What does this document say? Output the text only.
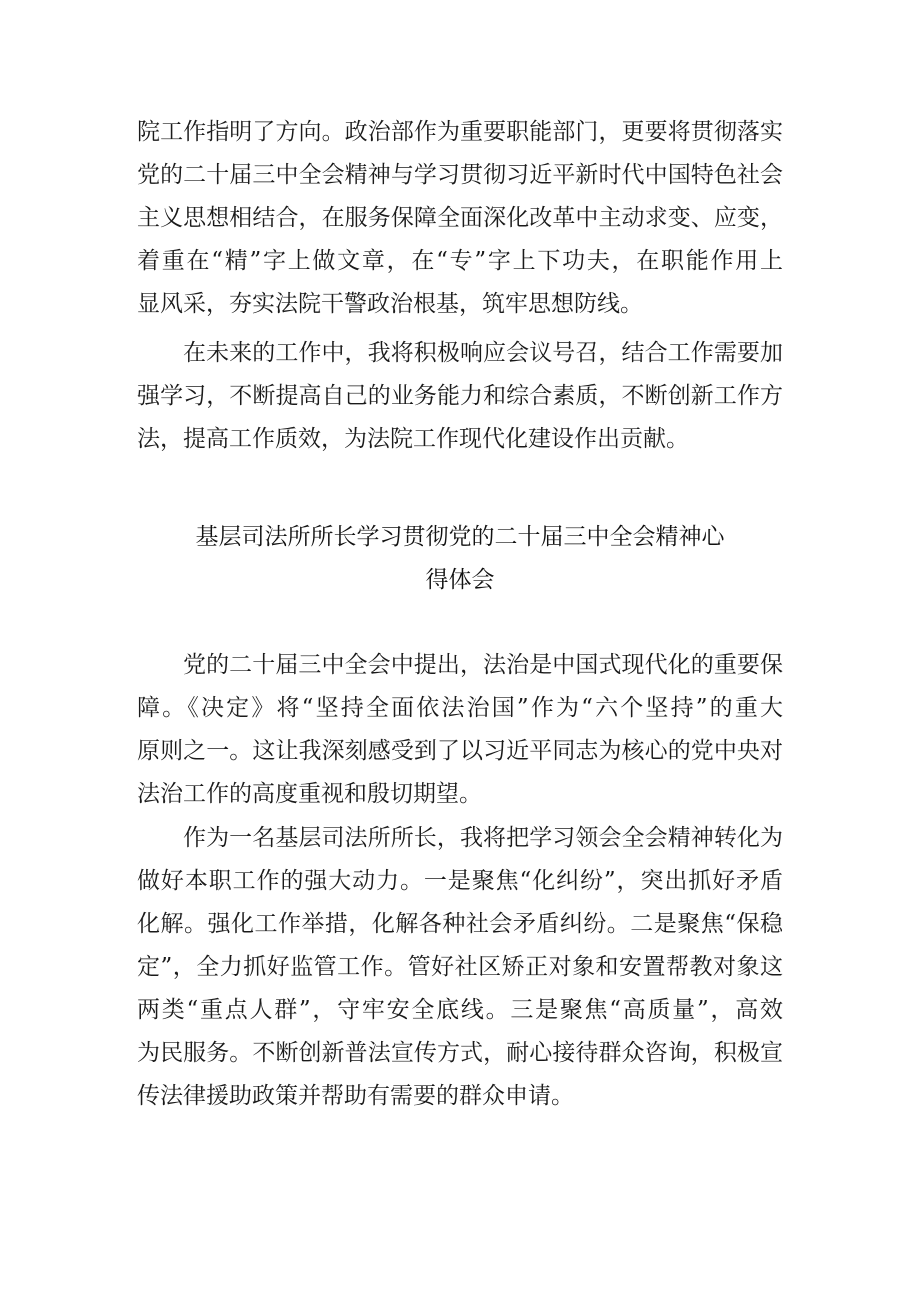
院工作指明了方向。政治部作为重要职能部门，更要将贯彻落实
党的二十届三中全会精神与学习贯彻习近平新时代中国特色社会
主义思想相结合，在服务保障全面深化改革中主动求变、应变，
着重在“精”字上做文章，在“专”字上下功夫，在职能作用上
显风采，夯实法院干警政治根基，筑牢思想防线。
在未来的工作中，我将积极响应会议号召，结合工作需要加
强学习，不断提高自己的业务能力和综合素质，不断创新工作方
法，提高工作质效，为法院工作现代化建设作出贡献。
基层司法所所长学习贯彻党的二十届三中全会精神心
得体会
党的二十届三中全会中提出，法治是中国式现代化的重要保
障。《决定》将“坚持全面依法治国”作为“六个坚持”的重大
原则之一。这让我深刻感受到了以习近平同志为核心的党中央对
法治工作的高度重视和殷切期望。
作为一名基层司法所所长，我将把学习领会全会精神转化为
做好本职工作的强大动力。一是聚焦“化纠纷”，突出抓好矛盾
化解。强化工作举措，化解各种社会矛盾纠纷。二是聚焦“保稳
定”，全力抓好监管工作。管好社区矫正对象和安置帮教对象这
两类“重点人群”，守牢安全底线。三是聚焦“高质量”，高效
为民服务。不断创新普法宣传方式，耐心接待群众咨询，积极宣
传法律援助政策并帮助有需要的群众申请。
